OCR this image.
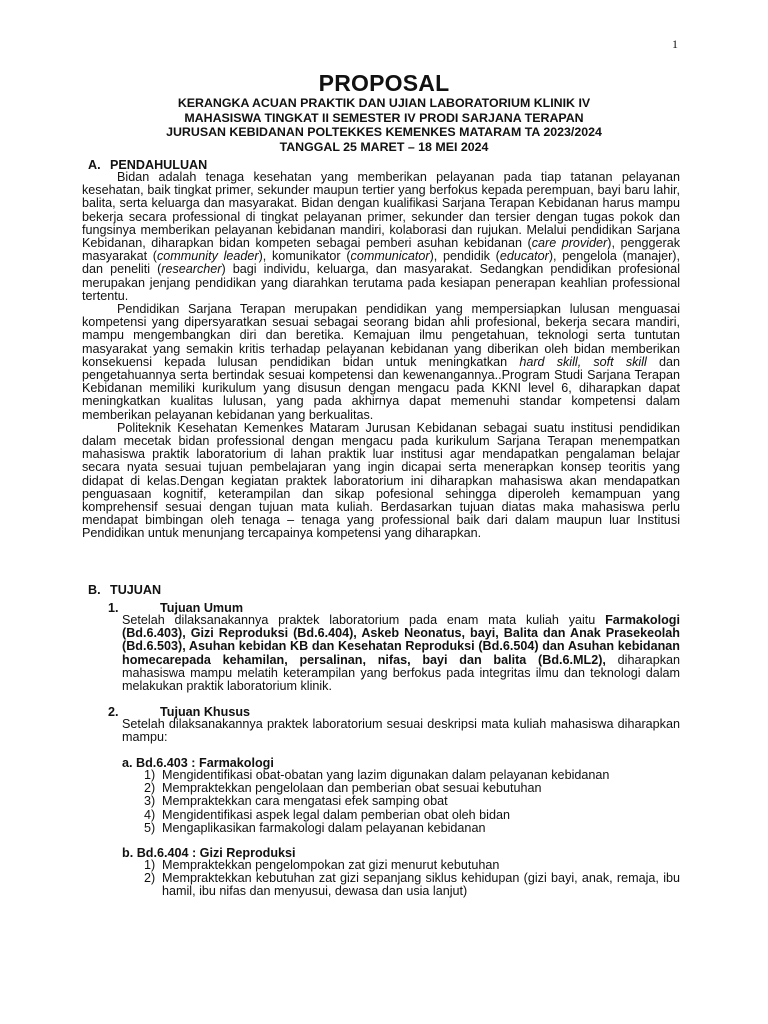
1
PROPOSAL
KERANGKA ACUAN PRAKTIK DAN UJIAN LABORATORIUM KLINIK IV
MAHASISWA TINGKAT II SEMESTER IV PRODI SARJANA TERAPAN
JURUSAN KEBIDANAN POLTEKKES KEMENKES MATARAM TA 2023/2024
TANGGAL 25 MARET – 18 MEI 2024
A. PENDAHULUAN

Bidan adalah tenaga kesehatan yang memberikan pelayanan pada tiap tatanan pelayanan kesehatan, baik tingkat primer, sekunder maupun tertier yang berfokus kepada perempuan, bayi baru lahir, balita, serta keluarga dan masyarakat. Bidan dengan kualifikasi Sarjana Terapan Kebidanan harus mampu bekerja secara professional di tingkat pelayanan primer, sekunder dan tersier dengan tugas pokok dan fungsinya memberikan pelayanan kebidanan mandiri, kolaborasi dan rujukan. Melalui pendidikan Sarjana Kebidanan, diharapkan bidan kompeten sebagai pemberi asuhan kebidanan (care provider), penggerak masyarakat (community leader), komunikator (communicator), pendidik (educator), pengelola (manajer), dan peneliti (researcher) bagi individu, keluarga, dan masyarakat. Sedangkan pendidikan profesional merupakan jenjang pendidikan yang diarahkan terutama pada kesiapan penerapan keahlian professional tertentu.

Pendidikan Sarjana Terapan merupakan pendidikan yang mempersiapkan lulusan menguasai kompetensi yang dipersyaratkan sesuai sebagai seorang bidan ahli profesional, bekerja secara mandiri, mampu mengembangkan diri dan beretika. Kemajuan ilmu pengetahuan, teknologi serta tuntutan masyarakat yang semakin kritis terhadap pelayanan kebidanan yang diberikan oleh bidan memberikan konsekuensi kepada lulusan pendidikan bidan untuk meningkatkan hard skill, soft skill dan pengetahuannya serta bertindak sesuai kompetensi dan kewenangannya..Program Studi Sarjana Terapan Kebidanan memiliki kurikulum yang disusun dengan mengacu pada KKNI level 6, diharapkan dapat meningkatkan kualitas lulusan, yang pada akhirnya dapat memenuhi standar kompetensi dalam memberikan pelayanan kebidanan yang berkualitas.

Politeknik Kesehatan Kemenkes Mataram Jurusan Kebidanan sebagai suatu institusi pendidikan dalam mecetak bidan professional dengan mengacu pada kurikulum Sarjana Terapan menempatkan mahasiswa praktik laboratorium di lahan praktik luar institusi agar mendapatkan pengalaman belajar secara nyata sesuai tujuan pembelajaran yang ingin dicapai serta menerapkan konsep teoritis yang didapat di kelas.Dengan kegiatan praktek laboratorium ini diharapkan mahasiswa akan mendapatkan penguasaan kognitif, keterampilan dan sikap pofesional sehingga diperoleh kemampuan yang komprehensif sesuai dengan tujuan mata kuliah. Berdasarkan tujuan diatas maka mahasiswa perlu mendapat bimbingan oleh tenaga – tenaga yang professional baik dari dalam maupun luar Institusi Pendidikan untuk menunjang tercapainya kompetensi yang diharapkan.

B. TUJUAN
1.	Tujuan Umum

Setelah dilaksanakannya praktek laboratorium pada enam mata kuliah yaitu Farmakologi (Bd.6.403), Gizi Reproduksi (Bd.6.404), Askeb Neonatus, bayi, Balita dan Anak Prasekeolah (Bd.6.503), Asuhan kebidan KB dan Kesehatan Reproduksi (Bd.6.504) dan Asuhan kebidanan homecarepada kehamilan, persalinan, nifas, bayi dan balita (Bd.6.ML2), diharapkan mahasiswa mampu melatih keterampilan yang berfokus pada integritas ilmu dan teknologi dalam melakukan praktik laboratorium klinik.

2.	Tujuan Khusus

Setelah dilaksanakannya praktek laboratorium sesuai deskripsi mata kuliah mahasiswa diharapkan mampu:

a. Bd.6.403 : Farmakologi
1) Mengidentifikasi obat-obatan yang lazim digunakan dalam pelayanan kebidanan
2) Mempraktekkan pengelolaan dan pemberian obat sesuai kebutuhan
3) Mempraktekkan cara mengatasi efek samping obat
4) Mengidentifikasi aspek legal dalam pemberian obat oleh bidan
5) Mengaplikasikan farmakologi dalam pelayanan kebidanan
b. Bd.6.404 : Gizi Reproduksi
1) Mempraktekkan pengelompokan zat gizi menurut kebutuhan
2) Mempraktekkan kebutuhan zat gizi sepanjang siklus kehidupan (gizi bayi, anak, remaja, ibu hamil, ibu nifas dan menyusui, dewasa dan usia lanjut)
